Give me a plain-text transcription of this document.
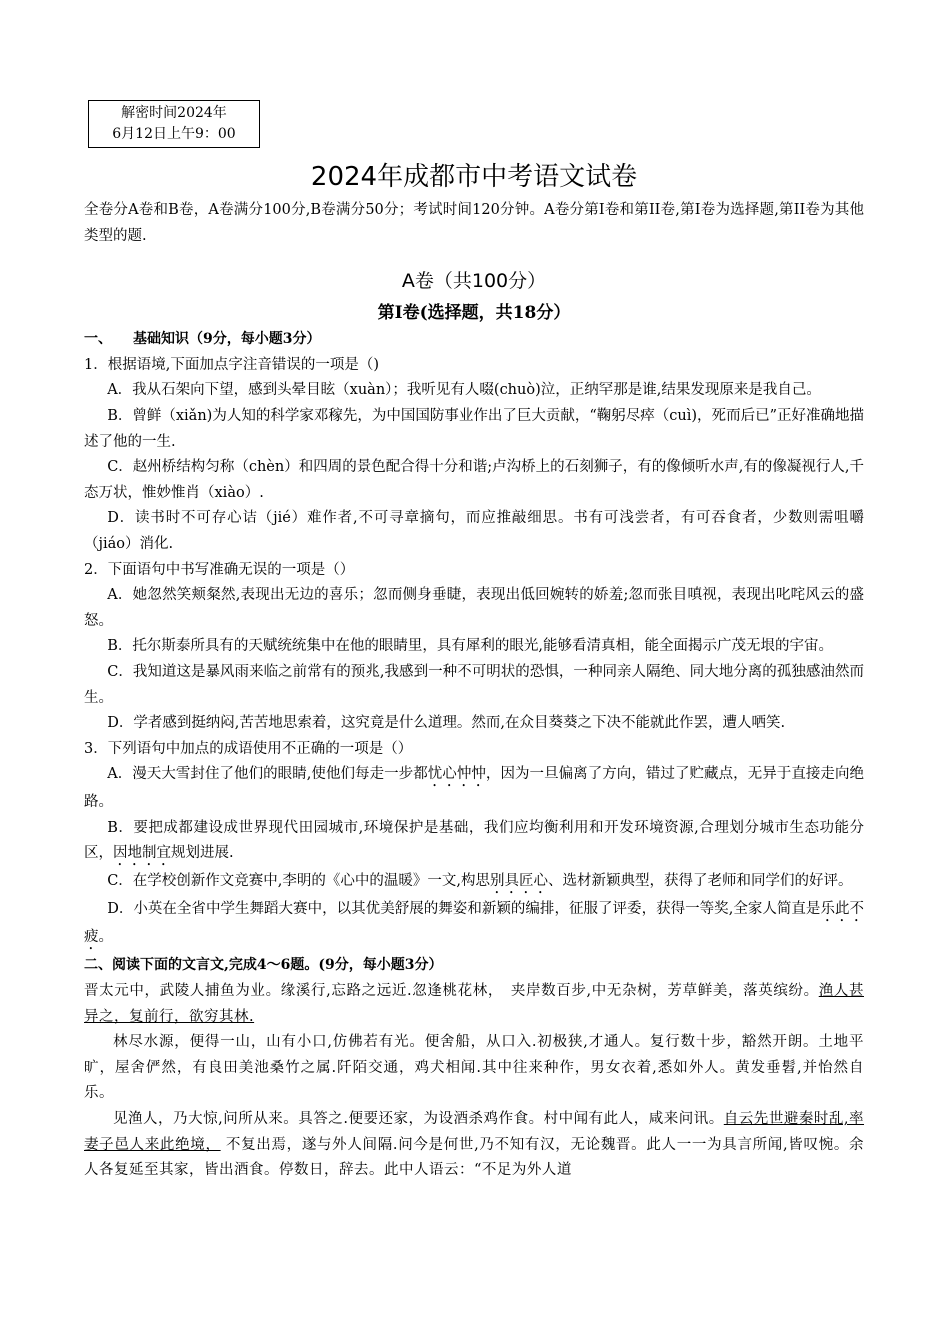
解密时间2024年
6月12日上午9：00
2024年成都市中考语文试卷

全卷分A卷和B卷，A卷满分100分,B卷满分50分；考试时间120分钟。A卷分第I卷和第II卷,第I卷为选择题,第II卷为其他类型的题.

A卷（共100分）
第I卷(选择题，共18分）

一、　　基础知识（9分，每小题3分）

1．根据语境,下面加点字注音错误的一项是（)

A．我从石架向下望，感到头晕目眩（xuàn）；我听见有人啜(chuò)泣，正纳罕那是谁,结果发现原来是我自己。

B．曾鲜（xiǎn)为人知的科学家邓稼先，为中国国防事业作出了巨大贡献，“鞠躬尽瘁（cuì)，死而后已”正好准确地描述了他的一生.

C．赵州桥结构匀称（chèn）和四周的景色配合得十分和谐;卢沟桥上的石刻狮子，有的像倾听水声,有的像凝视行人,千态万状，惟妙惟肖（xiào）.

D．读书时不可存心诘（jié）难作者,不可寻章摘句，而应推敲细思。书有可浅尝者，有可吞食者，少数则需咀嚼（jiáo）消化.

2．下面语句中书写准确无误的一项是（）

A．她忽然笑颊粲然,表现出无边的喜乐；忽而侧身垂睫，表现出低回婉转的娇羞;忽而张目嗔视，表现出叱咤风云的盛怒。

B．托尔斯泰所具有的天赋统统集中在他的眼睛里，具有犀利的眼光,能够看清真相，能全面揭示广茂无垠的宇宙。

C．我知道这是暴风雨来临之前常有的预兆,我感到一种不可明状的恐惧，一种同亲人隔绝、同大地分离的孤独感油然而生。

D．学者感到挺纳闷,苦苦地思索着，这究竟是什么道理。然而,在众目葵葵之下决不能就此作罢，遭人哂笑.

3．下列语句中加点的成语使用不正确的一项是（）

A．漫天大雪封住了他们的眼睛,使他们每走一步都忧心忡忡，因为一旦偏离了方向，错过了贮藏点，无异于直接走向绝路。

B．要把成都建设成世界现代田园城市,环境保护是基础，我们应均衡利用和开发环境资源,合理划分城市生态功能分区，因地制宜规划进展.

C．在学校创新作文竞赛中,李明的《心中的温暖》一文,构思别具匠心、选材新颖典型，获得了老师和同学们的好评。

D．小英在全省中学生舞蹈大赛中，以其优美舒展的舞姿和新颖的编排，征服了评委，获得一等奖,全家人简直是乐此不疲。

二、阅读下面的文言文,完成4～6题。(9分，每小题3分）

晋太元中，武陵人捕鱼为业。缘溪行,忘路之远近.忽逢桃花林，　夹岸数百步,中无杂树，芳草鲜美，落英缤纷。渔人甚异之，复前行，欲穷其林.

林尽水源，便得一山，山有小口,仿佛若有光。便舍船，从口入.初极狭,才通人。复行数十步，豁然开朗。土地平旷，屋舍俨然，有良田美池桑竹之属.阡陌交通，鸡犬相闻.其中往来种作，男女衣着,悉如外人。黄发垂髫,并怡然自乐。

见渔人，乃大惊,问所从来。具答之.便要还家，为设酒杀鸡作食。村中闻有此人，咸来问讯。自云先世避秦时乱,率妻子邑人来此绝境， 不复出焉，遂与外人间隔.问今是何世,乃不知有汉，无论魏晋。此人一一为具言所闻,皆叹惋。余人各复延至其家，皆出酒食。停数日，辞去。此中人语云：“不足为外人道
